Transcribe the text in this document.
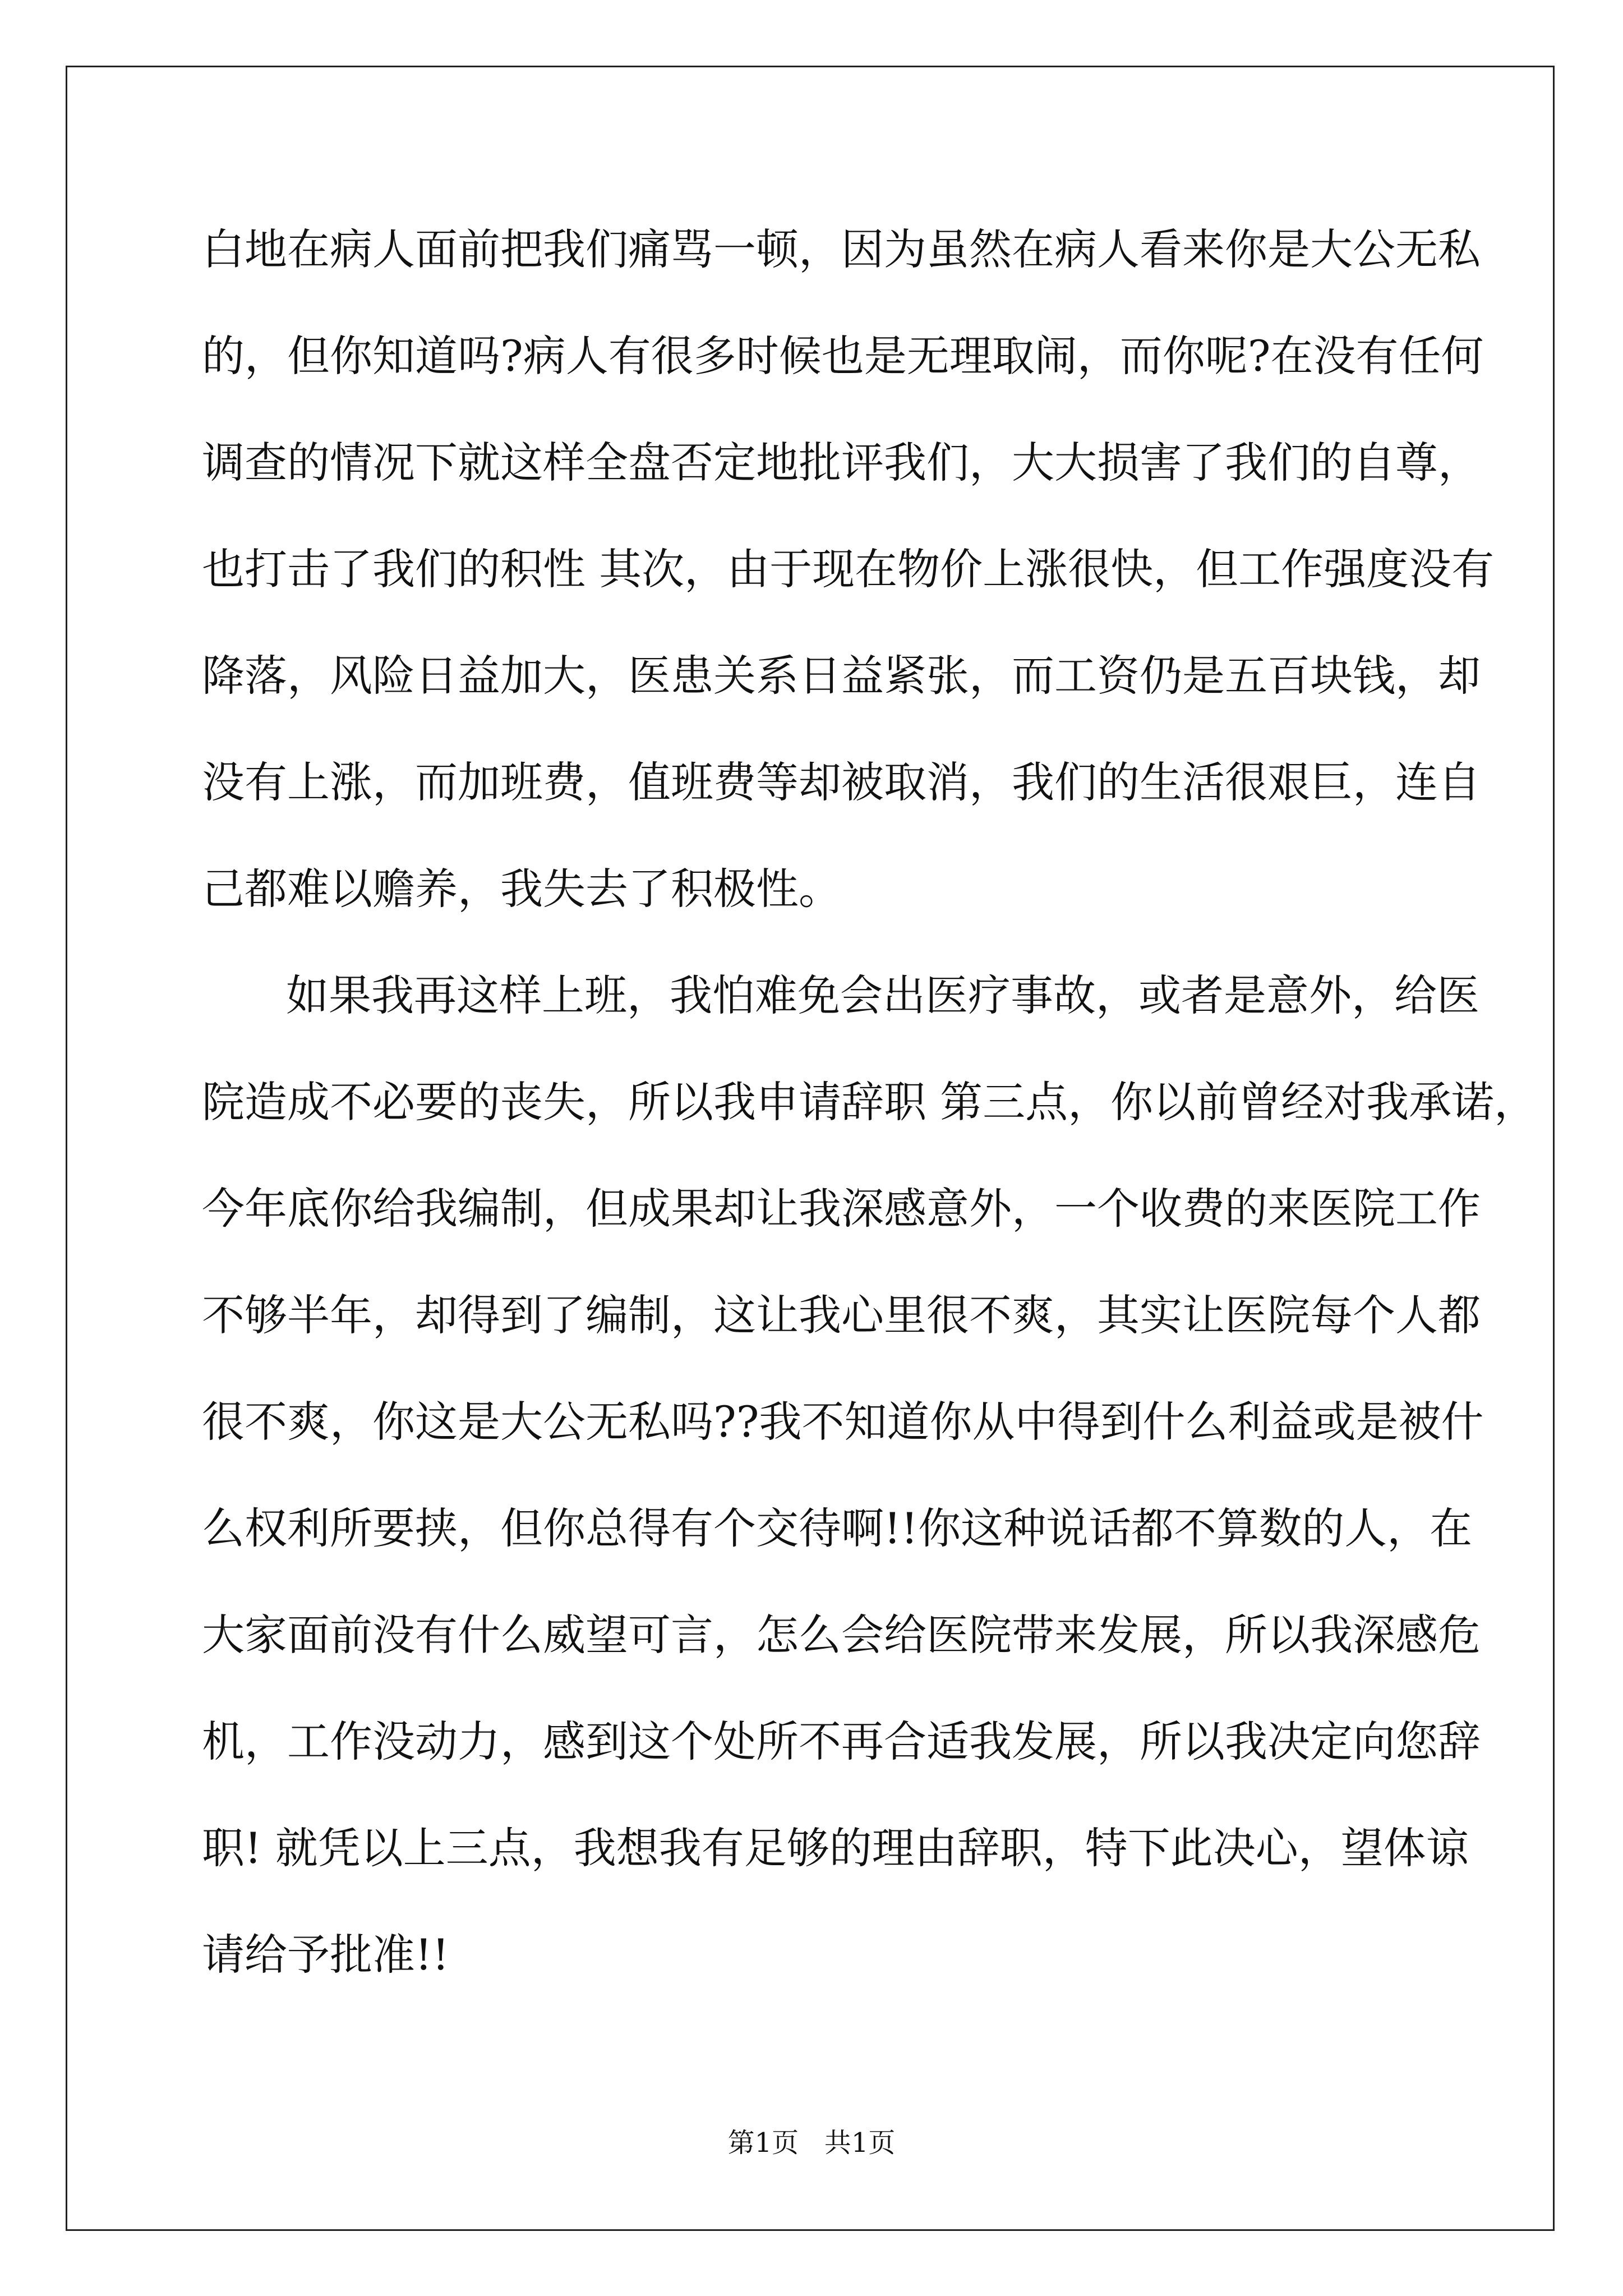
白地在病人面前把我们痛骂一顿，因为虽然在病人看来你是大公无私
的，但你知道吗?病人有很多时候也是无理取闹，而你呢?在没有任何
调查的情况下就这样全盘否定地批评我们，大大损害了我们的自尊，
也打击了我们的积性 其次，由于现在物价上涨很快，但工作强度没有
降落，风险日益加大，医患关系日益紧张，而工资仍是五百块钱，却
没有上涨，而加班费，值班费等却被取消，我们的生活很艰巨，连自
己都难以赡养，我失去了积极性。
如果我再这样上班，我怕难免会出医疗事故，或者是意外，给医
院造成不必要的丧失，所以我申请辞职 第三点，你以前曾经对我承诺，
今年底你给我编制，但成果却让我深感意外，一个收费的来医院工作
不够半年，却得到了编制，这让我心里很不爽，其实让医院每个人都
很不爽，你这是大公无私吗??我不知道你从中得到什么利益或是被什
么权利所要挟，但你总得有个交待啊!!你这种说话都不算数的人，在
大家面前没有什么威望可言，怎么会给医院带来发展，所以我深感危
机，工作没动力，感到这个处所不再合适我发展，所以我决定向您辞
职! 就凭以上三点，我想我有足够的理由辞职，特下此决心，望体谅
请给予批准!!
第1页   共1页
